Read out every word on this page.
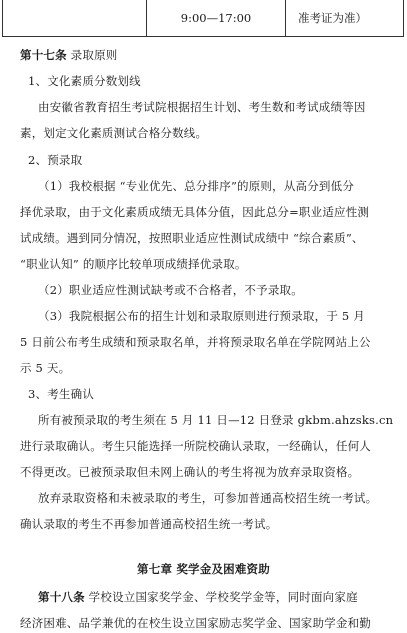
9:00—17:00	准考证为准）
第十七条 录取原则
1、文化素质分数划线
由安徽省教育招生考试院根据招生计划、考生数和考试成绩等因
素，划定文化素质测试合格分数线。
2、预录取
（1）我校根据 “专业优先、总分排序”的原则，从高分到低分
择优录取，由于文化素质成绩无具体分值，因此总分=职业适应性测
试成绩。遇到同分情况，按照职业适应性测试成绩中 “综合素质”、
“职业认知” 的顺序比较单项成绩择优录取。
（2）职业适应性测试缺考或不合格者，不予录取。
（3）我院根据公布的招生计划和录取原则进行预录取，于 5 月
5 日前公布考生成绩和预录取名单，并将预录取名单在学院网站上公
示 5 天。
3、考生确认
所有被预录取的考生须在 5 月 11 日—12 日登录 gkbm.ahzsks.cn
进行录取确认。考生只能选择一所院校确认录取，一经确认，任何人
不得更改。已被预录取但未网上确认的考生将视为放弃录取资格。
放弃录取资格和未被录取的考生，可参加普通高校招生统一考试。
确认录取的考生不再参加普通高校招生统一考试。
第七章 奖学金及困难资助
第十八条 学校设立国家奖学金、学校奖学金等，同时面向家庭
经济困难、品学兼优的在校生设立国家励志奖学金、国家助学金和勤
